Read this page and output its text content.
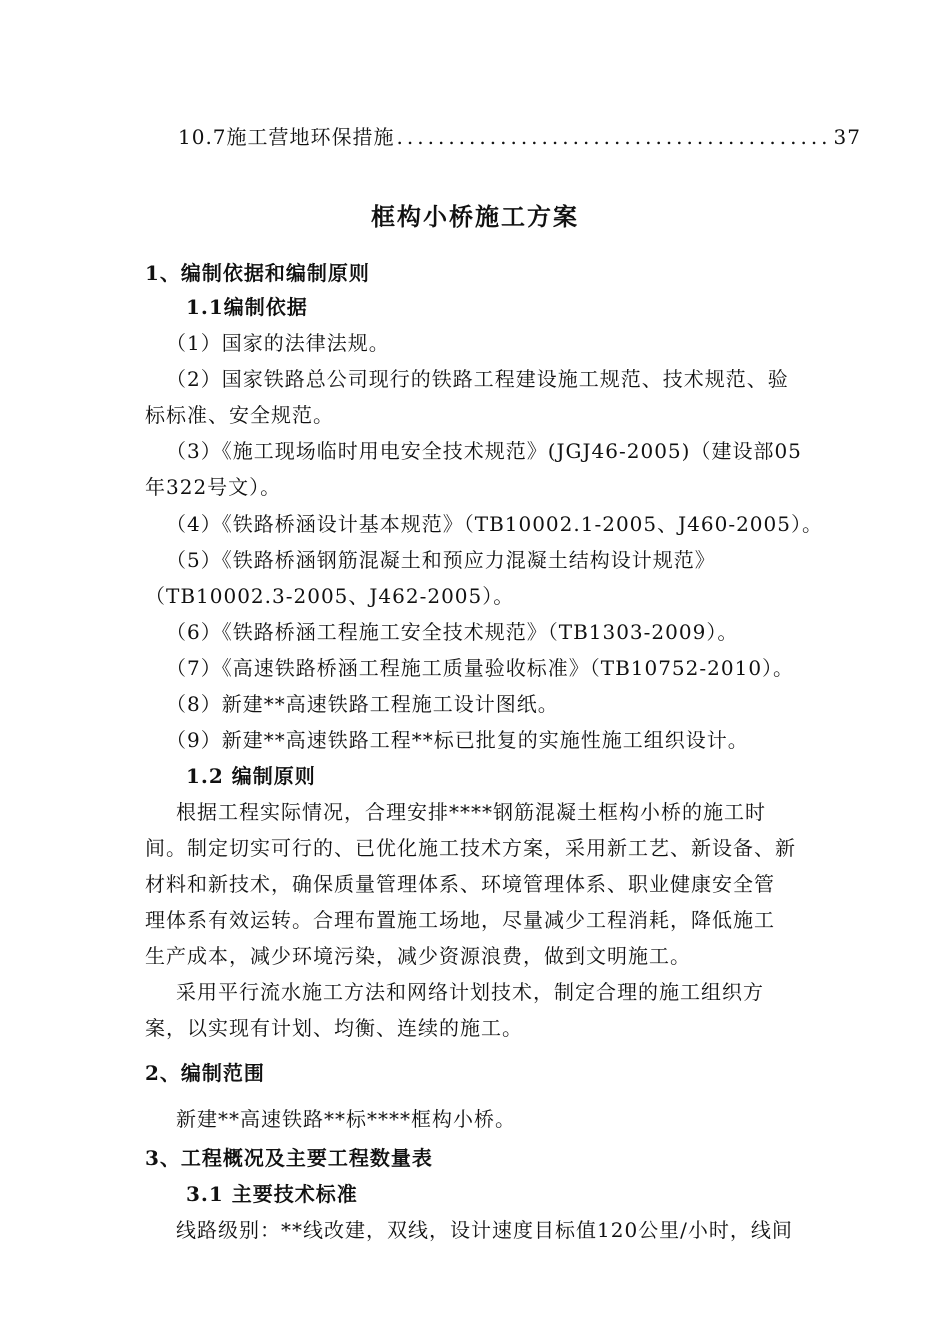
10.7施工营地环保措施 .......................................... 37
框构小桥施工方案
1、编制依据和编制原则
1.1编制依据
（1）国家的法律法规。
（2）国家铁路总公司现行的铁路工程建设施工规范、技术规范、验
标标准、安全规范。
（3）《施工现场临时用电安全技术规范》(JGJ46-2005)（建设部05
年322号文）。
（4）《铁路桥涵设计基本规范》（TB10002.1-2005、J460-2005）。
（5）《铁路桥涵钢筋混凝土和预应力混凝土结构设计规范》
（TB10002.3-2005、J462-2005）。
（6）《铁路桥涵工程施工安全技术规范》（TB1303-2009）。
（7）《高速铁路桥涵工程施工质量验收标准》（TB10752-2010）。
（8）新建**高速铁路工程施工设计图纸。
（9）新建**高速铁路工程**标已批复的实施性施工组织设计。
1.2 编制原则
根据工程实际情况，合理安排****钢筋混凝土框构小桥的施工时
间。制定切实可行的、已优化施工技术方案，采用新工艺、新设备、新
材料和新技术，确保质量管理体系、环境管理体系、职业健康安全管
理体系有效运转。合理布置施工场地，尽量减少工程消耗，降低施工
生产成本，减少环境污染，减少资源浪费，做到文明施工。
采用平行流水施工方法和网络计划技术，制定合理的施工组织方
案，以实现有计划、均衡、连续的施工。
2、编制范围
新建**高速铁路**标****框构小桥。
3、工程概况及主要工程数量表
3.1 主要技术标准
线路级别：**线改建，双线，设计速度目标值120公里/小时，线间
